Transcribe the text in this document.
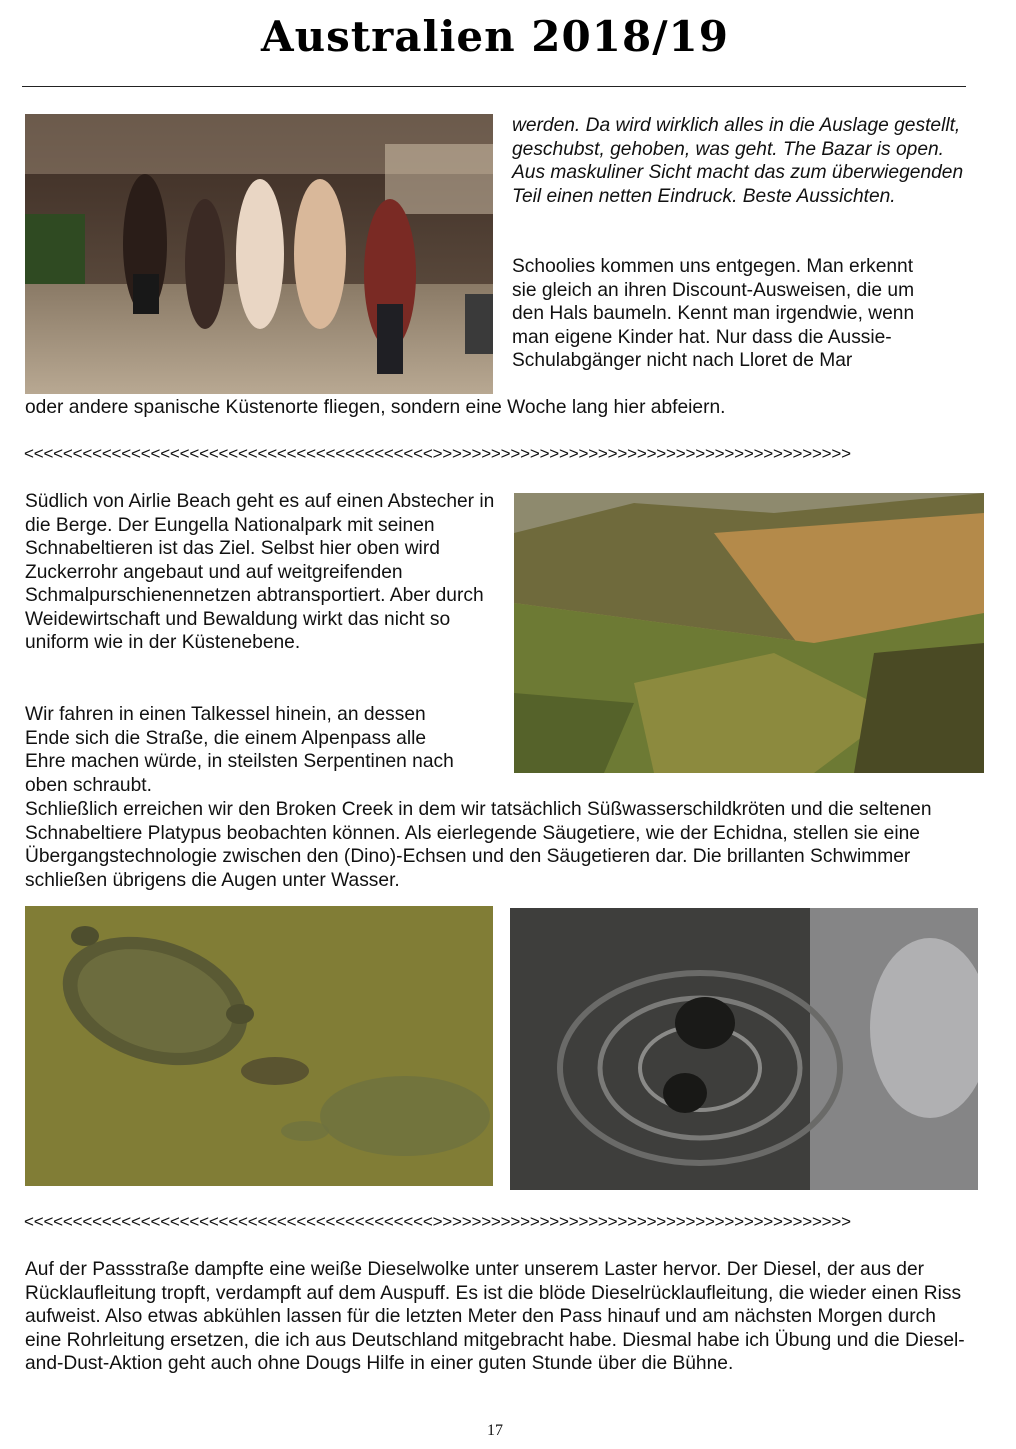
Australien 2018/19
werden. Da wird wirklich alles in die Auslage gestellt, geschubst, gehoben, was geht. The Bazar is open. Aus maskuliner Sicht macht das zum überwiegenden Teil einen netten Eindruck. Beste Aussichten.
Schoolies kommen uns entgegen. Man erkennt sie gleich an ihren Discount-Ausweisen, die um den Hals baumeln. Kennt man irgendwie, wenn man eigene Kinder hat. Nur dass die Aussie-Schulabgänger nicht nach Lloret de Mar
oder andere spanische Küstenorte fliegen, sondern eine Woche lang hier abfeiern.
<<<<<<<<<<<<<<<<<<<<<<<<<<<<<<<<<<<<<<<<<<>>>>>>>>>>>>>>>>>>>>>>>>>>>>>>>>>>>>>>>>>>>
Südlich von Airlie Beach geht es auf einen Abstecher in die Berge. Der Eungella Nationalpark mit seinen Schnabeltieren ist das Ziel. Selbst hier oben wird Zuckerrohr angebaut und auf weitgreifenden Schmalpurschienennetzen abtransportiert. Aber durch Weidewirtschaft und Bewaldung wirkt das nicht so uniform wie in der Küstenebene.
Wir fahren in einen Talkessel hinein, an dessen Ende sich die Straße, die einem Alpenpass alle Ehre machen würde, in steilsten Serpentinen nach oben schraubt.
Schließlich erreichen wir den Broken Creek in dem wir tatsächlich Süßwasserschildkröten und die seltenen Schnabeltiere Platypus beobachten können. Als eierlegende Säugetiere, wie der Echidna, stellen sie eine Übergangstechnologie zwischen den (Dino)-Echsen und den Säugetieren dar. Die brillanten Schwimmer schließen übrigens die Augen unter Wasser.
<<<<<<<<<<<<<<<<<<<<<<<<<<<<<<<<<<<<<<<<<<>>>>>>>>>>>>>>>>>>>>>>>>>>>>>>>>>>>>>>>>>>>
Auf der Passstraße dampfte eine weiße Dieselwolke unter unserem Laster hervor. Der Diesel, der aus der Rücklaufleitung tropft, verdampft auf dem Auspuff. Es ist die blöde Dieselrücklaufleitung, die wieder einen Riss aufweist. Also etwas abkühlen lassen für die letzten Meter den Pass hinauf und am nächsten Morgen durch eine Rohrleitung ersetzen, die ich aus Deutschland mitgebracht habe. Diesmal habe ich Übung und die Diesel-and-Dust-Aktion geht auch ohne Dougs Hilfe in einer guten Stunde über die Bühne.
17
